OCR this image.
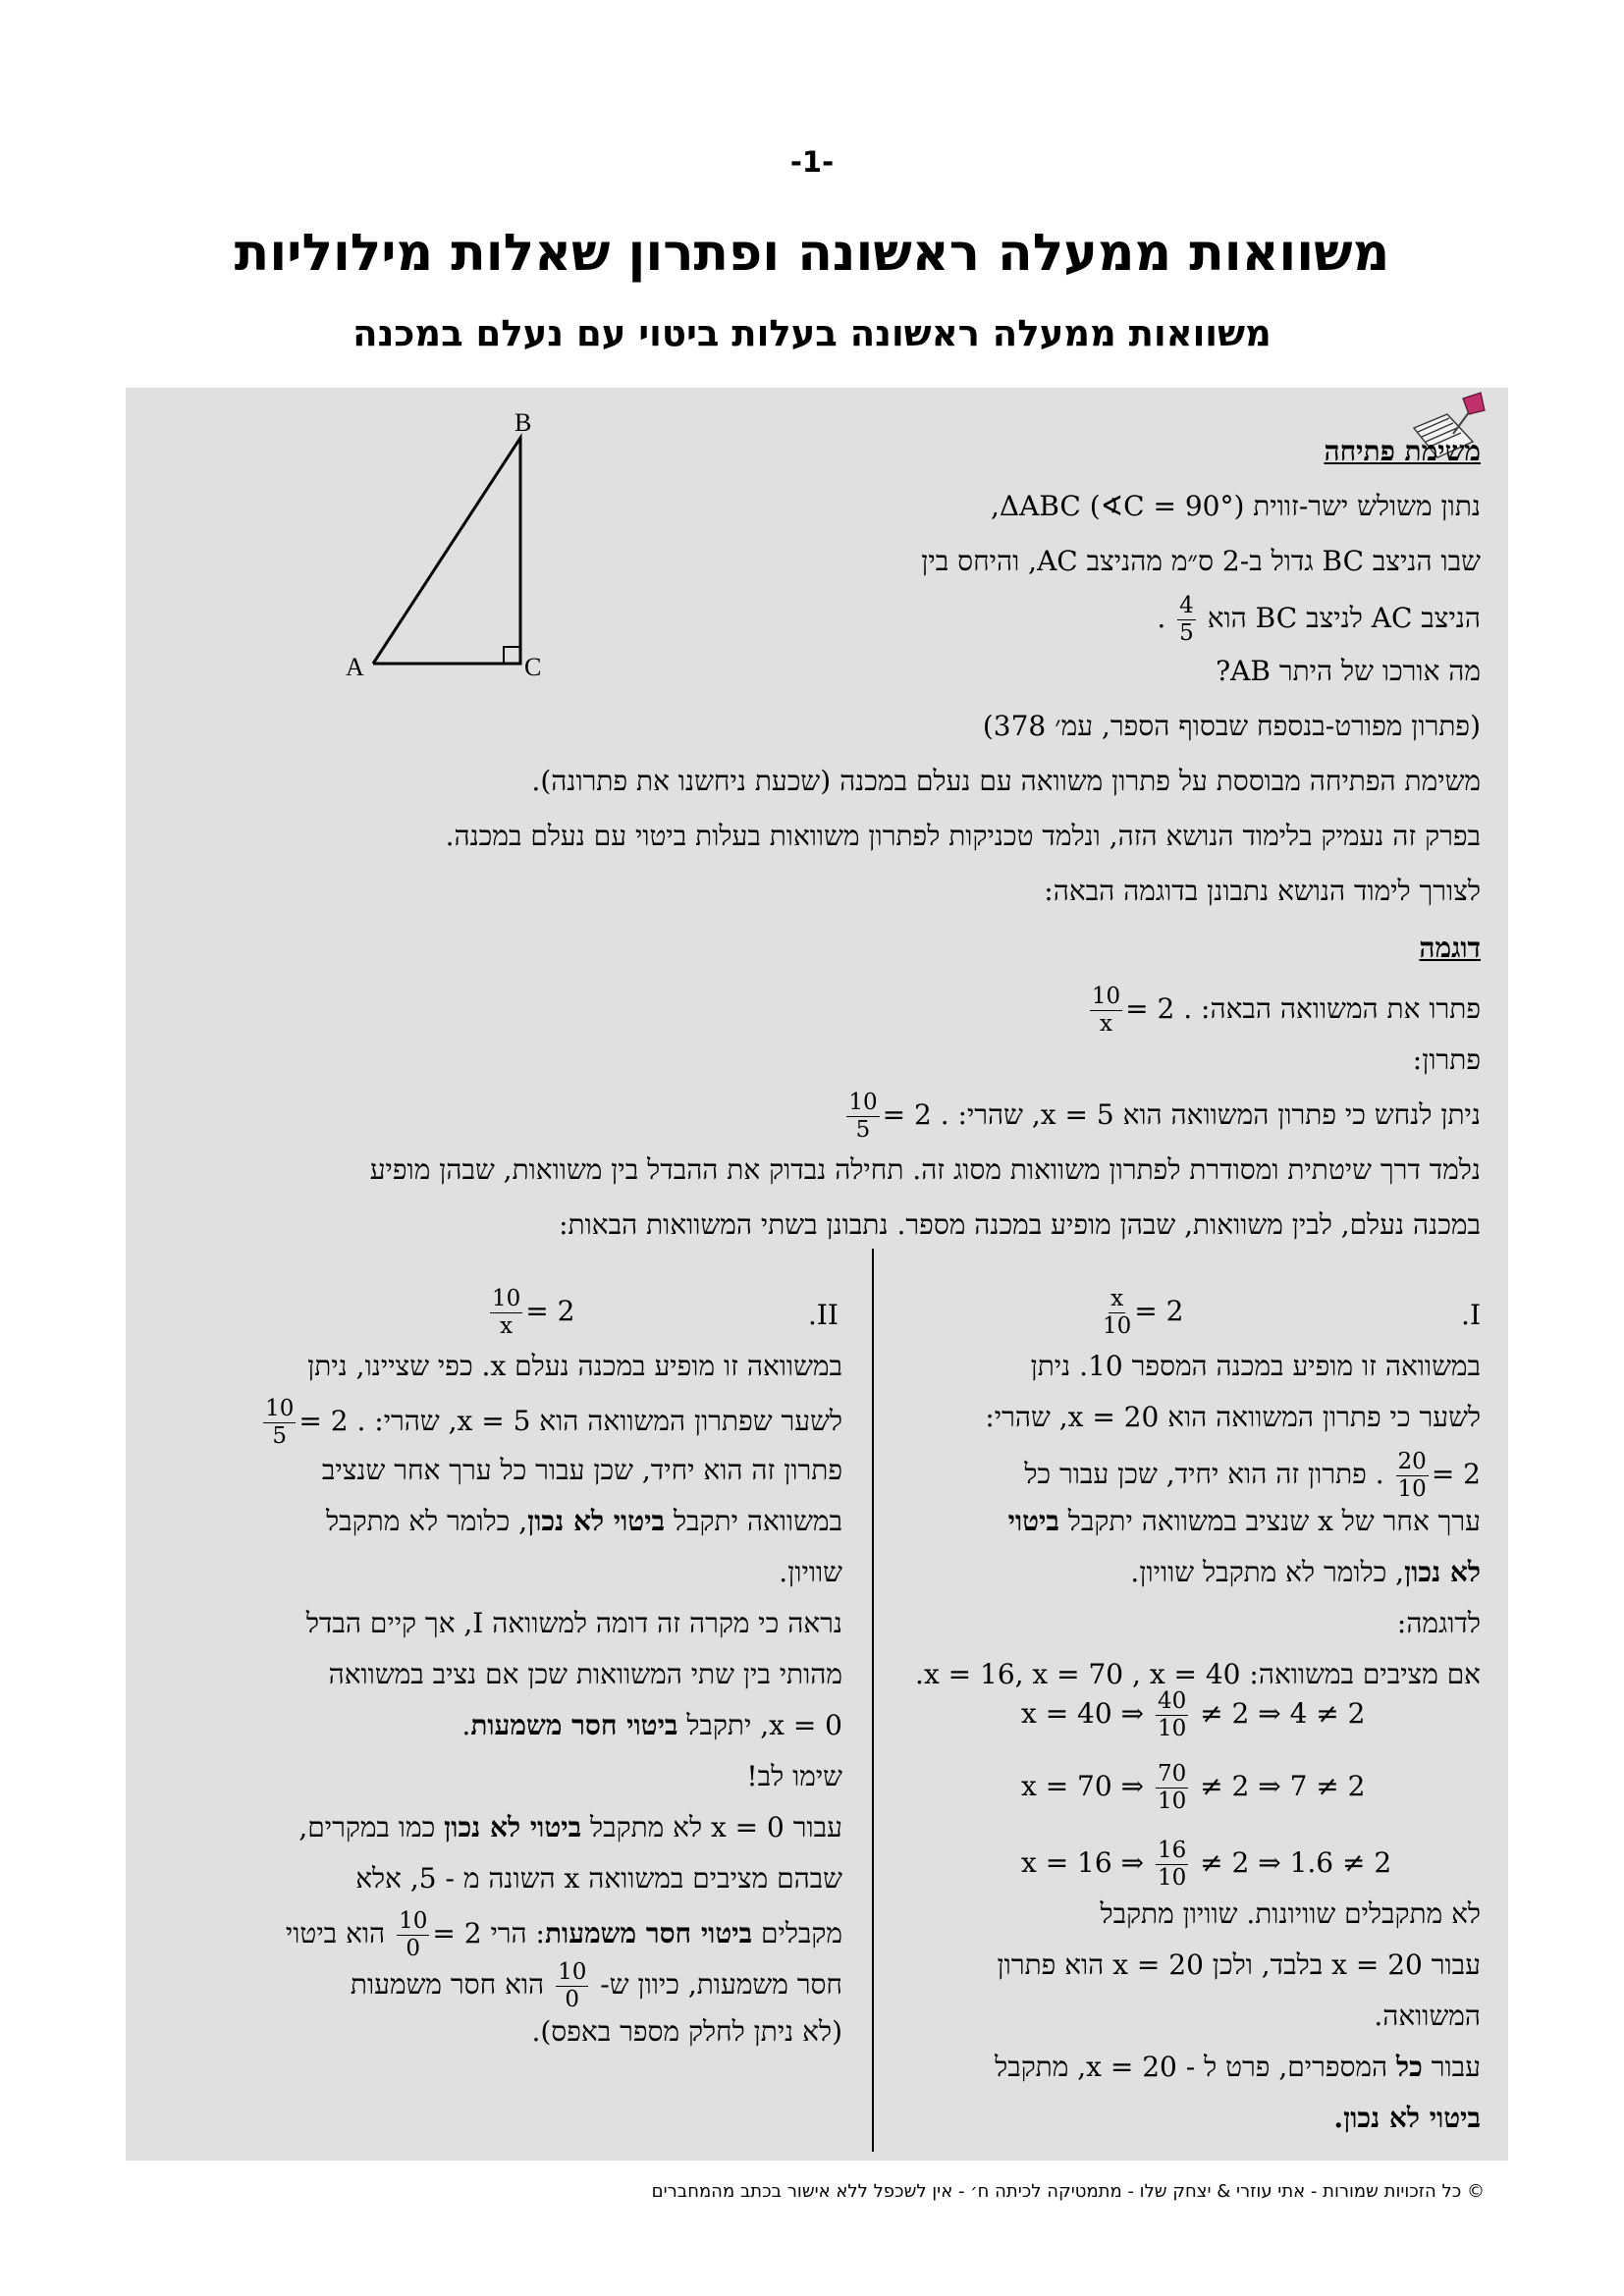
-1-
משוואות ממעלה ראשונה ופתרון שאלות מילוליות
משוואות ממעלה ראשונה בעלות ביטוי עם נעלם במכנה
B
A	C
משימת פתיחה
נתון משולש ישר-זווית ΔABC (∢C = 90°),
שבו הניצב BC גדול ב-2 ס״מ מהניצב AC, והיחס בין
הניצב AC לניצב BC הוא
$\frac{4}{5}$
.
מה אורכו של היתר AB?
(פתרון מפורט-בנספח שבסוף הספר, עמ׳ 378)
משימת הפתיחה מבוססת על פתרון משוואה עם נעלם במכנה (שכעת ניחשנו את פתרונה).
בפרק זה נעמיק בלימוד הנושא הזה, ונלמד טכניקות לפתרון משוואות בעלות ביטוי עם נעלם במכנה.
לצורך לימוד הנושא נתבונן בדוגמה הבאה:
דוגמה
פתרו את המשוואה הבאה:
$\frac{10}{x} = 2$ .
פתרון:
ניתן לנחש כי פתרון המשוואה הוא x = 5, שהרי:
$\frac{10}{5} = 2$ .
נלמד דרך שיטתית ומסודרת לפתרון משוואות מסוג זה. תחילה נבדוק את ההבדל בין משוואות, שבהן מופיע
במכנה נעלם, לבין משוואות, שבהן מופיע במכנה מספר. נתבונן בשתי המשוואות הבאות:
I.
$\frac{x}{10} = 2$
במשוואה זו מופיע במכנה המספר 10. ניתן
לשער כי פתרון המשוואה הוא x = 20, שהרי:
$\frac{20}{10} = 2$ . פתרון זה הוא יחיד, שכן עבור כל
ערך אחר של x שנציב במשוואה יתקבל ביטוי
לא נכון, כלומר לא מתקבל שוויון.
לדוגמה:
אם מציבים במשוואה: x = 16, x = 70 , x = 40.
x = 40 ⇒ $\frac{40}{10} \ne 2$ ⇒ 4 ≠ 2
x = 70 ⇒ $\frac{70}{10} \ne 2$ ⇒ 7 ≠ 2
x = 16 ⇒ $\frac{16}{10} \ne 2$ ⇒ 1.6 ≠ 2
לא מתקבלים שוויונות. שוויון מתקבל
עבור x = 20 בלבד, ולכן x = 20 הוא פתרון
המשוואה.
עבור כל המספרים, פרט ל - x = 20, מתקבל
ביטוי לא נכון.
II.
$\frac{10}{x} = 2$
במשוואה זו מופיע במכנה נעלם x. כפי שציינו, ניתן
לשער שפתרון המשוואה הוא x = 5, שהרי:
$\frac{10}{5} = 2$ .
פתרון זה הוא יחיד, שכן עבור כל ערך אחר שנציב
במשוואה יתקבל ביטוי לא נכון, כלומר לא מתקבל
שוויון.
נראה כי מקרה זה דומה למשוואה I, אך קיים הבדל
מהותי בין שתי המשוואות שכן אם נציב במשוואה
x = 0, יתקבל ביטוי חסר משמעות.
שימו לב!
עבור x = 0 לא מתקבל ביטוי לא נכון כמו במקרים,
שבהם מציבים במשוואה x השונה מ - 5, אלא
מקבלים ביטוי חסר משמעות: הרי
$\frac{10}{0} = 2$ הוא ביטוי
חסר משמעות, כיוון ש-
$\frac{10}{0}$
הוא חסר משמעות
(לא ניתן לחלק מספר באפס).
© כל הזכויות שמורות - אתי עוזרי & יצחק שלו - מתמטיקה לכיתה ח׳ - אין לשכפל ללא אישור בכתב מהמחברים
